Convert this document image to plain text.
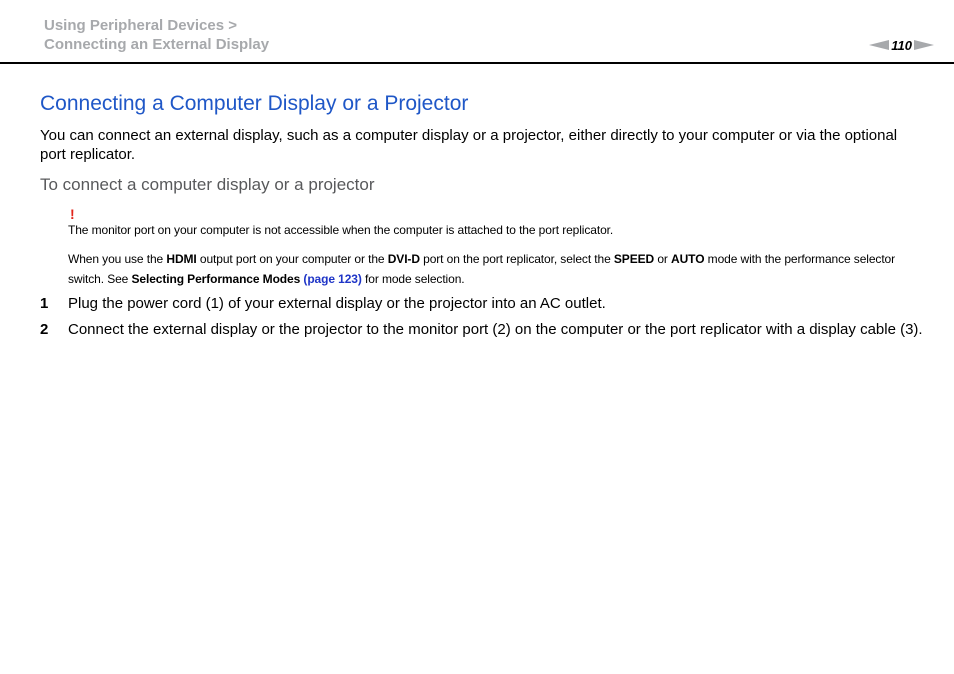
Using Peripheral Devices >
Connecting an External Display	110
Connecting a Computer Display or a Projector

You can connect an external display, such as a computer display or a projector, either directly to your computer or via the optional port replicator.

To connect a computer display or a projector
!

The monitor port on your computer is not accessible when the computer is attached to the port replicator.

When you use the HDMI output port on your computer or the DVI-D port on the port replicator, select the SPEED or AUTO mode with the performance selector switch. See Selecting Performance Modes (page 123) for mode selection.

1 Plug the power cord (1) of your external display or the projector into an AC outlet.
2 Connect the external display or the projector to the monitor port (2) on the computer or the port replicator with a display cable (3).
